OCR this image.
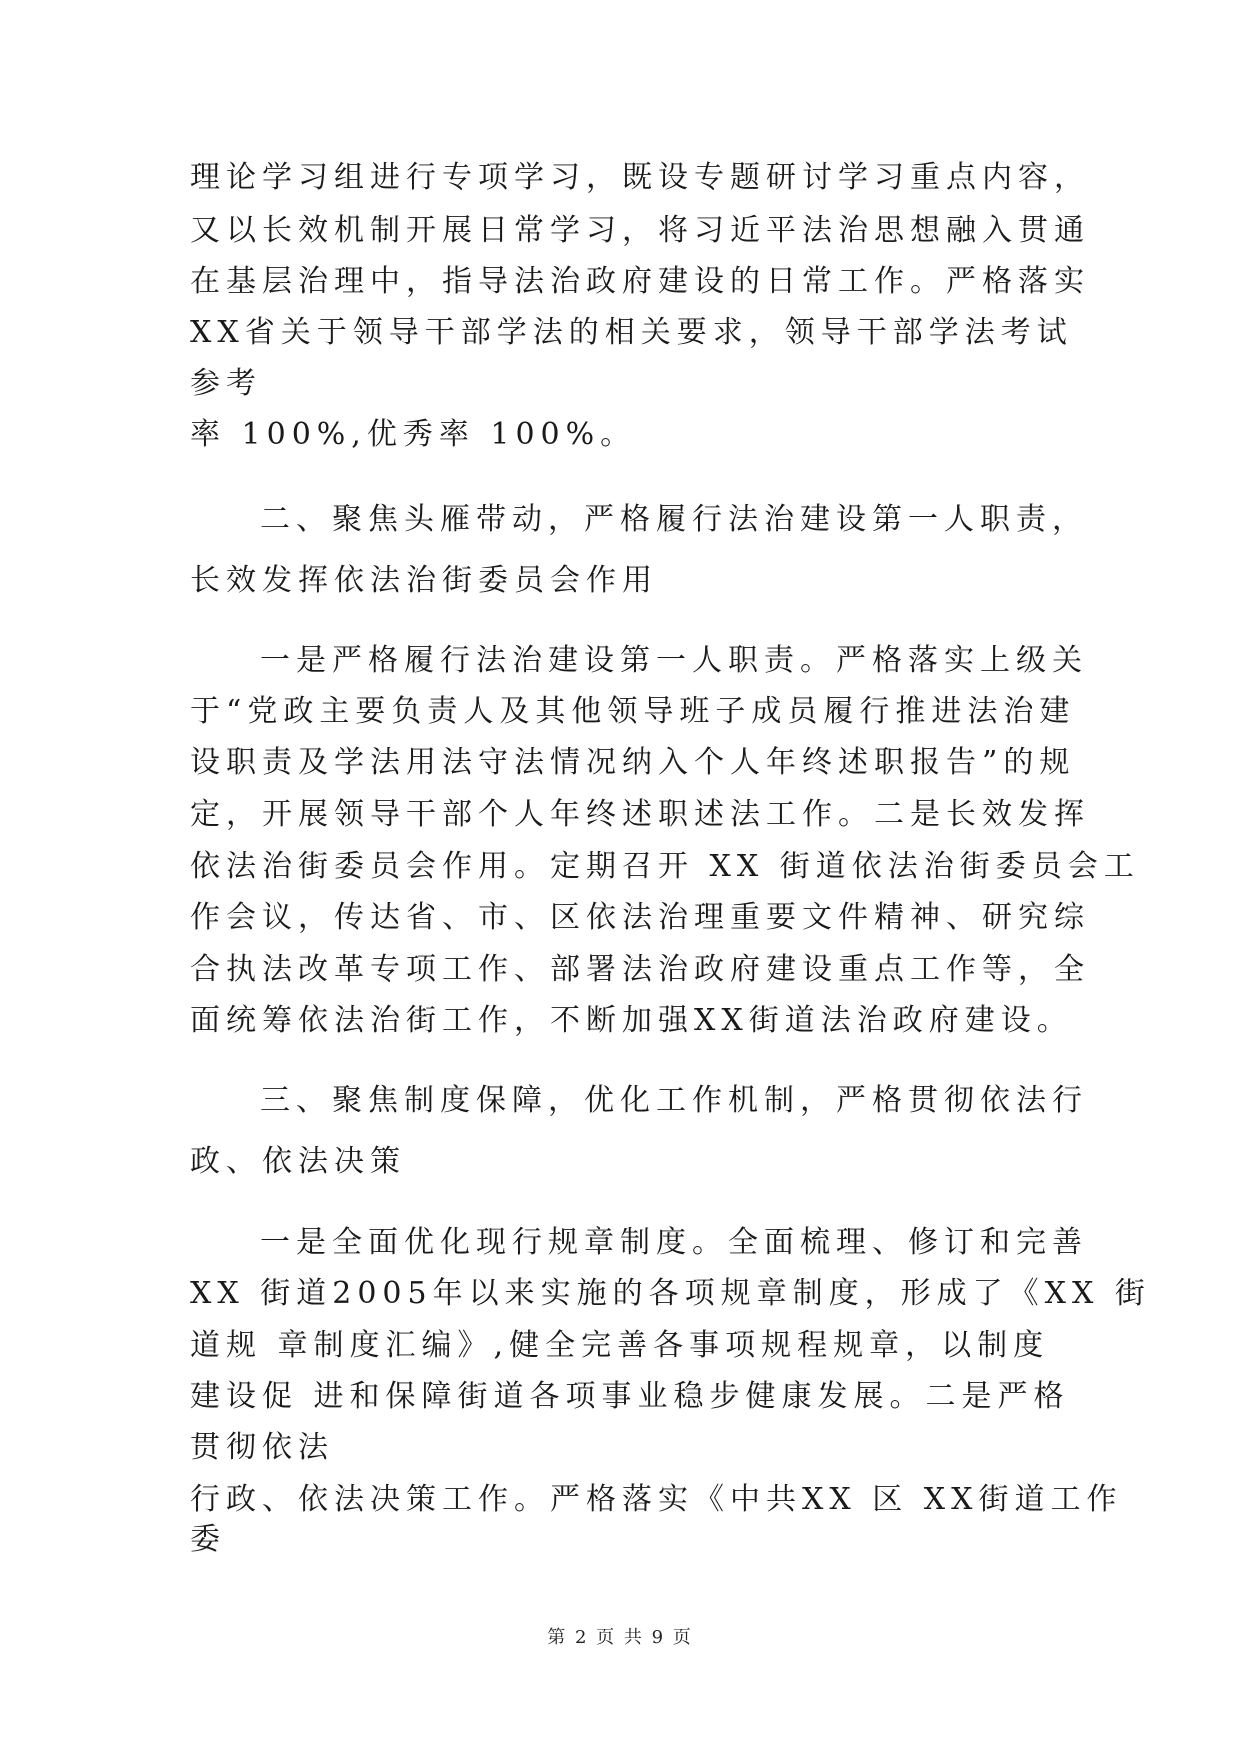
理论学习组进行专项学习，既设专题研讨学习重点内容，
又以长效机制开展日常学习，将习近平法治思想融入贯通
在基层治理中，指导法治政府建设的日常工作。严格落实
XX省关于领导干部学法的相关要求，领导干部学法考试
参考
率 100%,优秀率 100%。
二、聚焦头雁带动，严格履行法治建设第一人职责，
长效发挥依法治街委员会作用
一是严格履行法治建设第一人职责。严格落实上级关
于“党政主要负责人及其他领导班子成员履行推进法治建
设职责及学法用法守法情况纳入个人年终述职报告”的规
定，开展领导干部个人年终述职述法工作。二是长效发挥
依法治街委员会作用。定期召开 XX 街道依法治街委员会工
作会议，传达省、市、区依法治理重要文件精神、研究综
合执法改革专项工作、部署法治政府建设重点工作等，全
面统筹依法治街工作，不断加强XX街道法治政府建设。
三、聚焦制度保障，优化工作机制，严格贯彻依法行
政、依法决策
一是全面优化现行规章制度。全面梳理、修订和完善
XX 街道2005年以来实施的各项规章制度，形成了《XX 街
道规 章制度汇编》,健全完善各事项规程规章，以制度
建设促 进和保障街道各项事业稳步健康发展。二是严格
贯彻依法
行政、依法决策工作。严格落实《中共XX 区 XX街道工作
委
第 2 页 共 9 页
